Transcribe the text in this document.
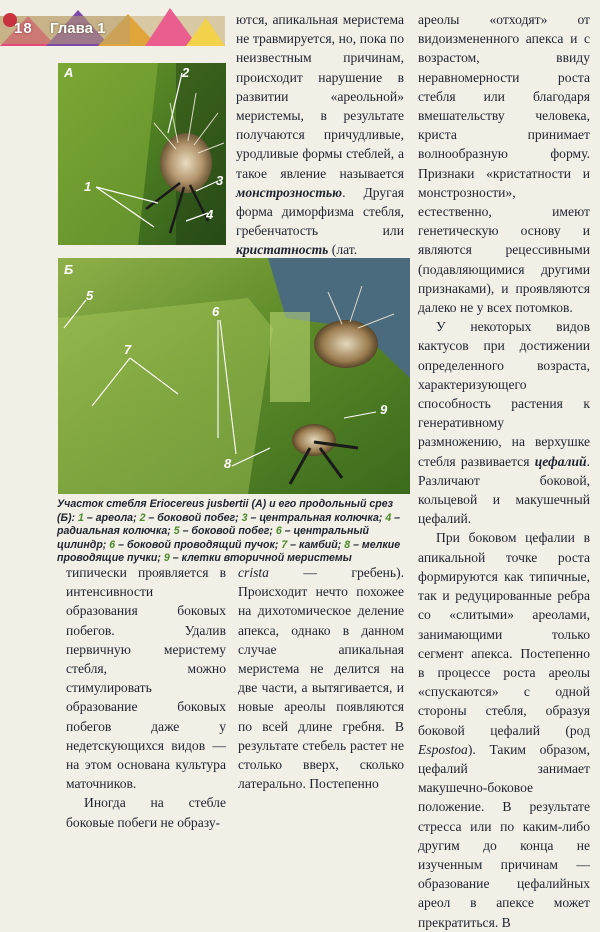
18 Глава 1
А	2
1	3
4
Б
5
6
7
8
9
Участок стебля Eriocereus jusbertii (А) и его продольный срез (Б): 1 – ареола; 2 – боковой побег; 3 – центральная колючка; 4 – радиальная колючка; 5 – боковой побег; 6 – центральный цилиндр; 6 – боковой проводящий пучок; 7 – камбий; 8 – мелкие проводящие пучки; 9 – клетки вторичной меристемы

ются, апикальная меристема не травмируется, но, пока по неизвестным причинам, происходит нарушение в развитии «ареольной» меристемы, в результате получаются причудливые, уродливые формы стеблей, а такое явление называется монстрозностью. Другая форма диморфизма стебля, гребенчатость или кристатность (лат.

ареолы «отходят» от видоизмененного апекса и с возрастом, ввиду неравномерности роста стебля или благодаря вмешательству человека, криста принимает волнообразную форму. Признаки «кристатности и монстрозности», естественно, имеют генетическую основу и являются рецессивными (подавляющимися другими признаками), и проявляются далеко не у всех потомков.

У некоторых видов кактусов при достижении определенного возраста, характеризующего способность растения к генеративному размножению, на верхушке стебля развивается цефалий. Различают боковой, кольцевой и макушечный цефалий.

При боковом цефалии в апикальной точке роста формируются как типичные, так и редуцированные ребра со «слитыми» ареолами, занимающими только сегмент апекса. Постепенно в процессе роста ареолы «спускаются» с одной стороны стебля, образуя боковой цефалий (род Espostoa). Таким образом, цефалий занимает макушечно-боковое положение. В результате стресса или по каким-либо другим до конца не изученным причинам — образование цефалийных ареол в апексе может прекратиться. В

типически проявляется в интенсивности образования боковых побегов. Удалив первичную меристему стебля, можно стимулировать образование боковых побегов даже у недетскующихся видов — на этом основана культура маточников.

Иногда на стебле боковые побеги не образу-

crista — гребень). Происходит нечто похожее на дихотомическое деление апекса, однако в данном случае апикальная меристема не делится на две части, а вытягивается, и новые ареолы появляются по всей длине гребня. В результате стебель растет не столько вверх, сколько латерально. Постепенно
